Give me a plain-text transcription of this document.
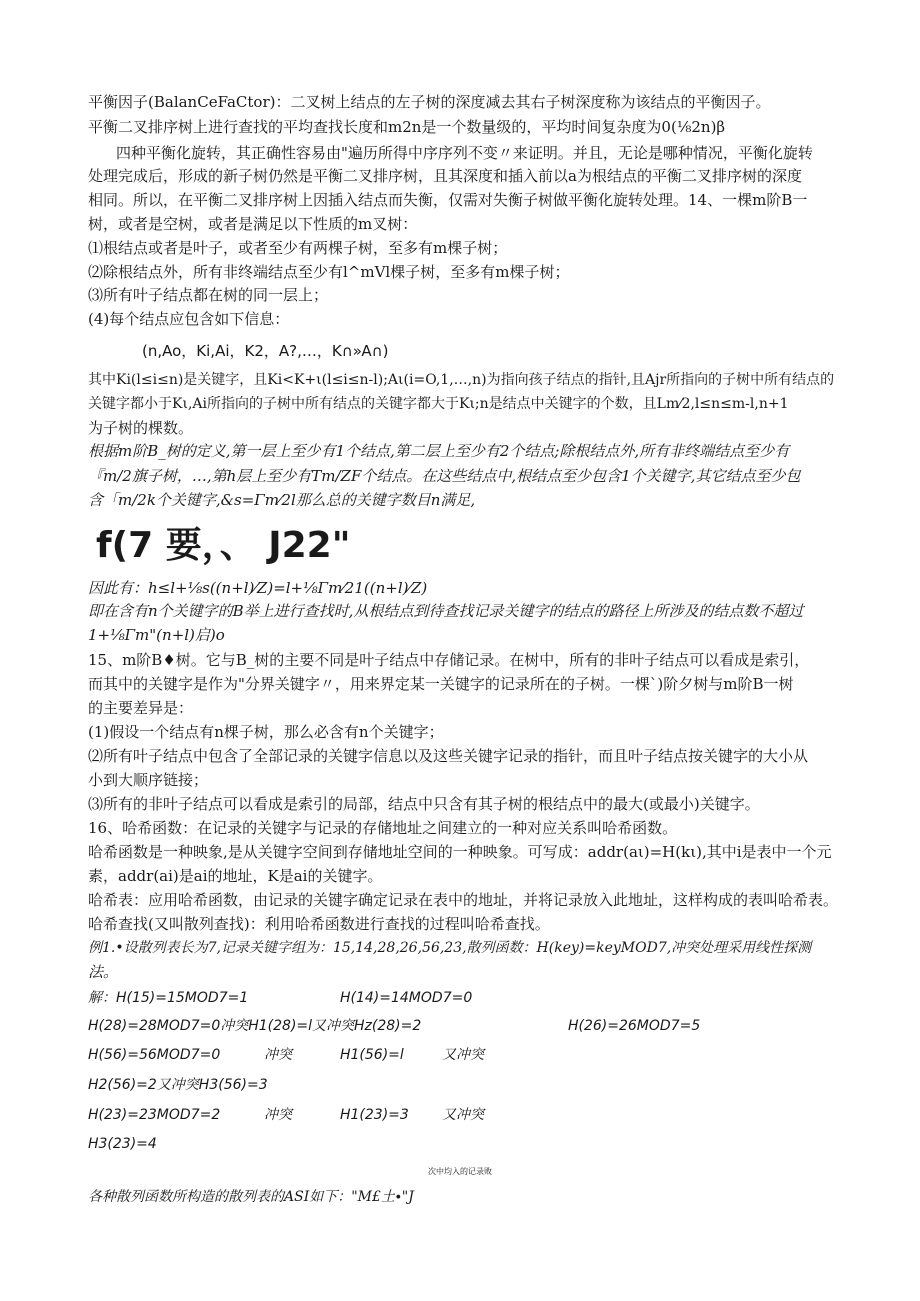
平衡因子(BalanCeFaCtor)：二叉树上结点的左子树的深度减去其右子树深度称为该结点的平衡因子。
平衡二叉排序树上进行查找的平均查找长度和m2n是一个数量级的，平均时间复杂度为0(⅛2n)β
四种平衡化旋转，其正确性容易由"遍历所得中序序列不变〃来证明。并且，无论是哪种情况，平衡化旋转
处理完成后，形成的新子树仍然是平衡二叉排序树，且其深度和插入前以a为根结点的平衡二叉排序树的深度
相同。所以，在平衡二叉排序树上因插入结点而失衡，仅需对失衡子树做平衡化旋转处理。14、一棵m阶B一
树，或者是空树，或者是满足以下性质的m叉树：
⑴根结点或者是叶子，或者至少有两棵子树，至多有m棵子树；
⑵除根结点外，所有非终端结点至少有l^mVl棵子树，至多有m棵子树；
⑶所有叶子结点都在树的同一层上；
(4)每个结点应包含如下信息：
(n,Ao，Ki,Ai，K2，A?,…，K∩»A∩)
其中Ki(l≤i≤n)是关键字，且Ki<K+ι(l≤i≤n-l);Aι(i=O,1,…,n)为指向孩子结点的指针,且Ajr所指向的子树中所有结点的
关键字都小于Kι,Ai所指向的子树中所有结点的关键字都大于Kι;n是结点中关键字的个数，且Lm⁄2,l≤n≤m-l,n+1
为子树的棵数。
根据m阶B_树的定义,第一层上至少有1个结点,第二层上至少有2个结点;除根结点外,所有非终端结点至少有
『m/2旗子树，…,第h层上至少有Tm/ZF个结点。在这些结点中,根结点至少包含1个关键字,其它结点至少包
含「m/2k个关键字,&s=Γm⁄2l那么总的关键字数目n满足,
f(7 要，、 J22"
因此有：h≤l+⅛s((n+l)⁄Z)=l+⅛Γm⁄21((n+l)⁄Z)
即在含有n个关键字的B举上进行查找时,从根结点到待查找记录关键字的结点的路径上所涉及的结点数不超过
1+⅛Γm"(n+l)启)o
15、m阶B♦树。它与B_树的主要不同是叶子结点中存储记录。在树中，所有的非叶子结点可以看成是索引，
而其中的关键字是作为"分界关键字〃，用来界定某一关键字的记录所在的子树。一棵`)阶夕树与m阶B一树
的主要差异是：
(1)假设一个结点有n棵子树，那么必含有n个关键字；
⑵所有叶子结点中包含了全部记录的关键字信息以及这些关键字记录的指针，而且叶子结点按关键字的大小从
小到大顺序链接；
⑶所有的非叶子结点可以看成是索引的局部，结点中只含有其子树的根结点中的最大(或最小)关键字。
16、哈希函数：在记录的关键字与记录的存储地址之间建立的一种对应关系叫哈希函数。
哈希函数是一种映象,是从关键字空间到存储地址空间的一种映象。可写成：addr(aι)=H(kι),其中i是表中一个元
素，addr(ai)是ai的地址，K是ai的关键字。
哈希表：应用哈希函数，由记录的关键字确定记录在表中的地址，并将记录放入此地址，这样构成的表叫哈希表。
哈希查找(又叫散列查找)：利用哈希函数进行查找的过程叫哈希查找。
例1.•设散列表长为7,记录关键字组为：15,14,28,26,56,23,散列函数：H(key)=keyMOD7,冲突处理采用线性探测
法。
解：H(15)=15MOD7=1	H(14)=14MOD7=0
H(28)=28MOD7=0冲突H1(28)=l又冲突Hz(28)=2	H(26)=26MOD7=5
H(56)=56MOD7=0	冲突	H1(56)=l	又冲突
H2(56)=2又冲突H3(56)=3
H(23)=23MOD7=2	冲突	H1(23)=3 又冲突
H3(23)=4
次中均入的记录败
各种散列函数所构造的散列表的ASI如下："M£土∙"J
